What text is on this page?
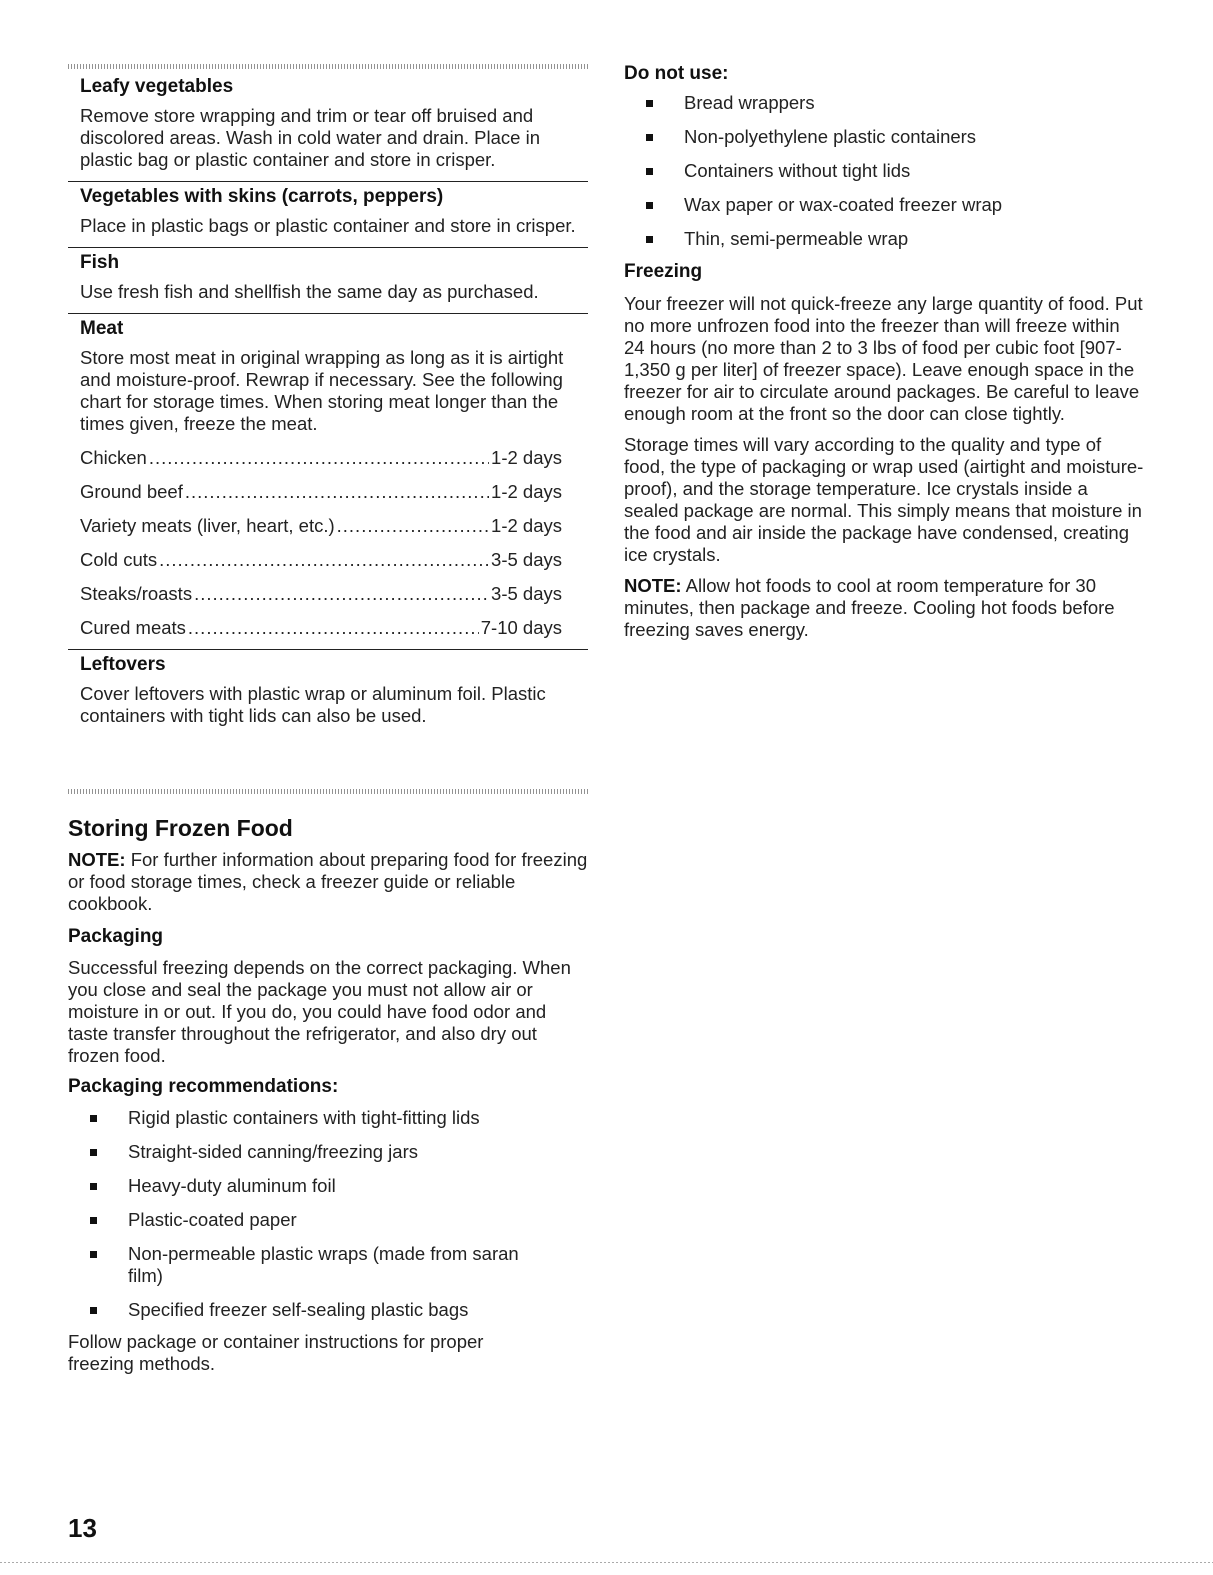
Leafy vegetables

Remove store wrapping and trim or tear off bruised and discolored areas. Wash in cold water and drain. Place in plastic bag or plastic container and store in crisper.

Vegetables with skins (carrots, peppers)

Place in plastic bags or plastic container and store in crisper.

Fish

Use fresh fish and shellfish the same day as purchased.

Meat

Store most meat in original wrapping as long as it is airtight and moisture-proof. Rewrap if necessary. See the following chart for storage times. When storing meat longer than the times given, freeze the meat.

Chicken .....	1-2 days
Ground beef .....	1-2 days
Variety meats (liver, heart, etc.) .....	1-2 days
Cold cuts .....	3-5 days
Steaks/roasts .....	3-5 days
Cured meats .....	7-10 days

Leftovers

Cover leftovers with plastic wrap or aluminum foil. Plastic containers with tight lids can also be used.

Storing Frozen Food

NOTE: For further information about preparing food for freezing or food storage times, check a freezer guide or reliable cookbook.

Packaging

Successful freezing depends on the correct packaging. When you close and seal the package you must not allow air or moisture in or out. If you do, you could have food odor and taste transfer throughout the refrigerator, and also dry out frozen food.

Packaging recommendations:
Rigid plastic containers with tight-fitting lids
Straight-sided canning/freezing jars
Heavy-duty aluminum foil
Plastic-coated paper
Non-permeable plastic wraps (made from saran film)
Specified freezer self-sealing plastic bags

Follow package or container instructions for proper freezing methods.

Do not use:
Bread wrappers
Non-polyethylene plastic containers
Containers without tight lids
Wax paper or wax-coated freezer wrap
Thin, semi-permeable wrap
Freezing

Your freezer will not quick-freeze any large quantity of food. Put no more unfrozen food into the freezer than will freeze within 24 hours (no more than 2 to 3 lbs of food per cubic foot [907-1,350 g per liter] of freezer space). Leave enough space in the freezer for air to circulate around packages. Be careful to leave enough room at the front so the door can close tightly.

Storage times will vary according to the quality and type of food, the type of packaging or wrap used (airtight and moisture-proof), and the storage temperature. Ice crystals inside a sealed package are normal. This simply means that moisture in the food and air inside the package have condensed, creating ice crystals.

NOTE: Allow hot foods to cool at room temperature for 30 minutes, then package and freeze. Cooling hot foods before freezing saves energy.

13
